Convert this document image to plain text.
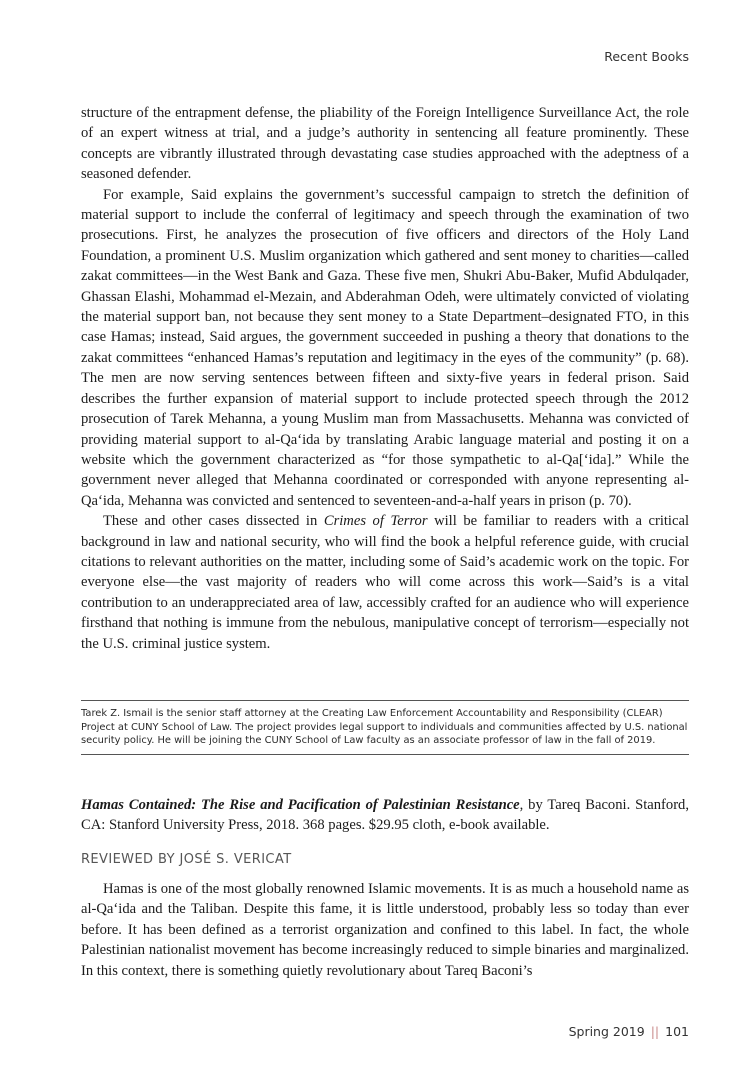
Recent Books

structure of the entrapment defense, the pliability of the Foreign Intelligence Surveillance Act, the role of an expert witness at trial, and a judge’s authority in sentencing all feature prominently. These concepts are vibrantly illustrated through devastating case studies approached with the adeptness of a seasoned defender.

For example, Said explains the government’s successful campaign to stretch the definition of material support to include the conferral of legitimacy and speech through the examination of two prosecutions. First, he analyzes the prosecution of five officers and directors of the Holy Land Foundation, a prominent U.S. Muslim organization which gathered and sent money to charities—called zakat committees—in the West Bank and Gaza. These five men, Shukri Abu-Baker, Mufid Abdulqader, Ghassan Elashi, Mohammad el-Mezain, and Abderahman Odeh, were ultimately convicted of violating the material support ban, not because they sent money to a State Department–designated FTO, in this case Hamas; instead, Said argues, the government succeeded in pushing a theory that donations to the zakat committees “enhanced Hamas’s reputation and legitimacy in the eyes of the community” (p. 68). The men are now serving sentences between fifteen and sixty-five years in federal prison. Said describes the further expansion of material support to include protected speech through the 2012 prosecution of Tarek Mehanna, a young Muslim man from Massachusetts. Mehanna was convicted of providing material support to al-Qa‘ida by translating Arabic language material and posting it on a website which the government characterized as “for those sympathetic to al-Qa[‘ida].” While the government never alleged that Mehanna coordinated or corresponded with anyone representing al-Qa‘ida, Mehanna was convicted and sentenced to seventeen-and-a-half years in prison (p. 70).

These and other cases dissected in Crimes of Terror will be familiar to readers with a critical background in law and national security, who will find the book a helpful reference guide, with crucial citations to relevant authorities on the matter, including some of Said’s academic work on the topic. For everyone else—the vast majority of readers who will come across this work—Said’s is a vital contribution to an underappreciated area of law, accessibly crafted for an audience who will experience firsthand that nothing is immune from the nebulous, manipulative concept of terrorism—especially not the U.S. criminal justice system.

Tarek Z. Ismail is the senior staff attorney at the Creating Law Enforcement Accountability and Responsibility (CLEAR) Project at CUNY School of Law. The project provides legal support to individuals and communities affected by U.S. national security policy. He will be joining the CUNY School of Law faculty as an associate professor of law in the fall of 2019.
Hamas Contained: The Rise and Pacification of Palestinian Resistance, by Tareq Baconi. Stanford, CA: Stanford University Press, 2018. 368 pages. $29.95 cloth, e-book available.
REVIEWED BY JOSÉ S. VERICAT

Hamas is one of the most globally renowned Islamic movements. It is as much a household name as al-Qa‘ida and the Taliban. Despite this fame, it is little understood, probably less so today than ever before. It has been defined as a terrorist organization and confined to this label. In fact, the whole Palestinian nationalist movement has become increasingly reduced to simple binaries and marginalized. In this context, there is something quietly revolutionary about Tareq Baconi’s

Spring 2019 || 101
